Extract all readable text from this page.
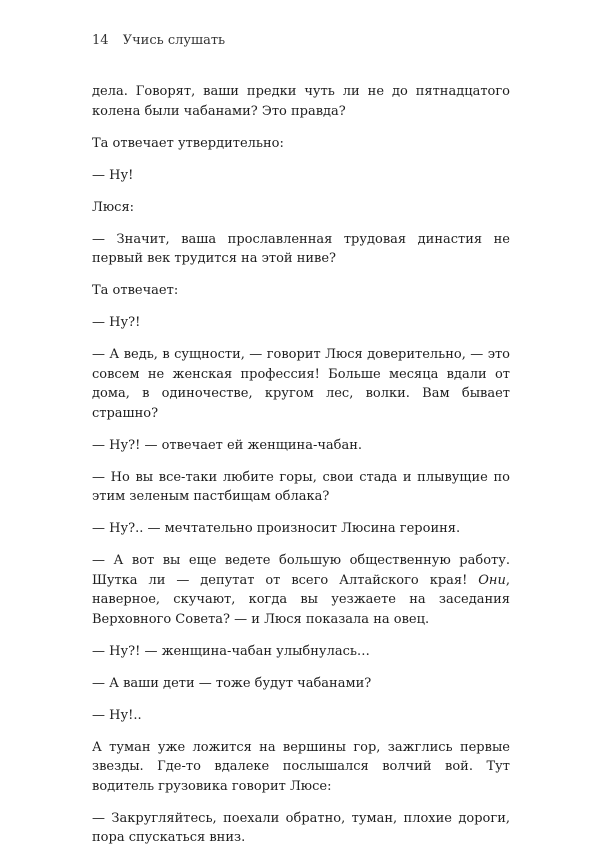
14 Учись слушать

дела. Говорят, ваши предки чуть ли не до пятнадцатого колена были чабанами? Это правда?

Та отвечает утвердительно:

— Ну!

Люся:

— Значит, ваша прославленная трудовая династия не первый век трудится на этой ниве?

Та отвечает:

— Ну?!

— А ведь, в сущности, — говорит Люся доверительно, — это совсем не женская профессия! Больше месяца вдали от дома, в одиночестве, кругом лес, волки. Вам бывает страшно?

— Ну?! — отвечает ей женщина-чабан.

— Но вы все-таки любите горы, свои стада и плывущие по этим зеленым пастбищам облака?

— Ну?.. — мечтательно произносит Люсина героиня.

— А вот вы еще ведете большую общественную работу. Шутка ли — депутат от всего Алтайского края! Они, наверное, скучают, когда вы уезжаете на заседания Верховного Совета? — и Люся показала на овец.

— Ну?! — женщина-чабан улыбнулась…

— А ваши дети — тоже будут чабанами?

— Ну!..

А туман уже ложится на вершины гор, зажглись первые звезды. Где-то вдалеке послышался волчий вой. Тут водитель грузовика говорит Люсе:

— Закругляйтесь, поехали обратно, туман, плохие дороги, пора спускаться вниз.
